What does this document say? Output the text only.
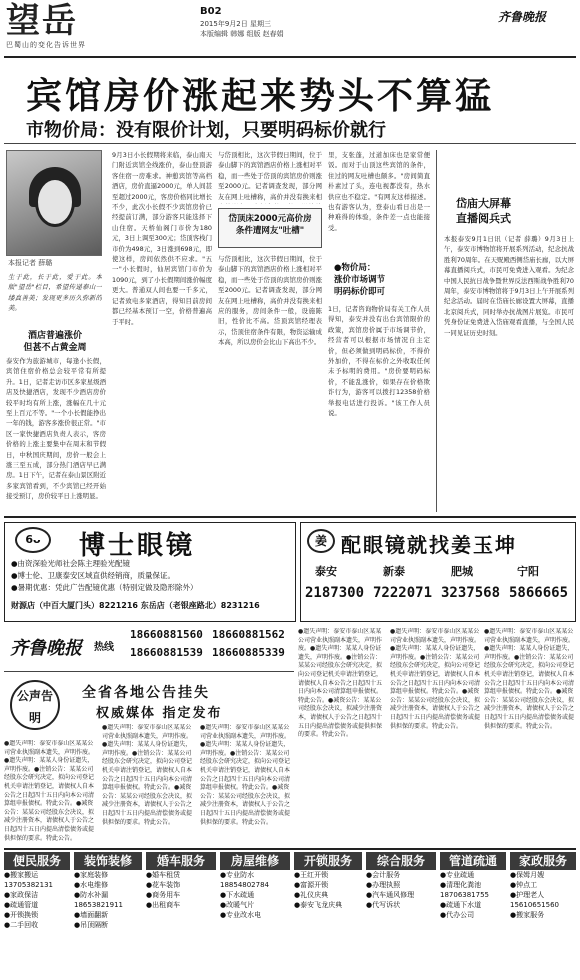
望岳
巴蜀山的变化告诉世界
B02
2015年9月2日 星期三
本版编辑 韩娜 组版 赵春娟
齐鲁晚报
宾馆房价涨起来势头不算猛
市物价局：没有限价计划，只要明码标价就行
本报记者 薛璐
生于此，长于此，爱于此。本版"望岳"栏目，希望传递泰山一缕真善美；发现更多历久弥新的美。
酒店普遍涨价
但甚不占黄金周
泰安作为旅游城市，每逢小长假，宾馆住宿价格总会较平常有所提升。1日，记者走访市区多家星级酒店及快捷酒店，发现不少酒店房价较平时均有所上涨，涨幅在几十元至上百元不等。"一个小长假能挣出一年的钱，游客多涨价很正常。"市区一家快捷酒店负责人表示，客房价格的上涨主要集中在周末和节假日，中秋国庆期间，房价一般会上涨三至五成，部分热门酒店早已满房。1日下午，记者在泰山景区附近多家宾馆看到，不少宾馆已经开始接受预订，房价较平日上涨明显。
9月3日小长假期将来临，泰山南天门附近宾馆全线涨价，泰山登顶游客住宿一房难求。神憩宾馆等高档酒店，房价直逼2000元，单人间甚至超过2000元，客房价格同比增长不少，此次小长假不少宾馆房价已经提前订满，部分游客只能选择下山住宿。天桥仙阁门市价为180元，3日上调至300元；岱顶客栈门市价为498元，3日涨到698元，即使这样，房间依然供不应求。"五一"小长假时，仙居宾馆门市价为1090元，到了小长假期间涨价幅度更大。普通双人间也要一千多元，记者致电多家酒店，得知目前房间都已经基本预订一空，价格普遍高于平时。
岱顶床2000元高价房条件遭网友"吐槽"
与岱顶相比，这次节假日期间，位于泰山脚下的宾馆酒店价格上涨相对平稳，而一些处于岱顶的宾馆房价则涨至2000元。记者调查发现，部分网友在网上吐槽称，高价并没有换来相
与岱顶相比，这次节假日期间，位于泰山脚下的宾馆酒店价格上涨相对平稳，而一些处于岱顶的宾馆房价则涨至2000元。记者调查发现，部分网友在网上吐槽称，高价并没有换来相应的服务，房间条件一般，设施陈旧，性价比不高。岱顶宾馆经理表示，岱顶住宿条件有限，物资运输成本高，所以房价会比山下高出不少。
里，支张蓬，过道加床也是家常便饭。而对于山顶这些宾馆的条件，住过的网友吐槽也颇多。"房间简直朴素过了头，连电视都没有，热水供应也不稳定。"有网友这样描述。也有游客认为，登泰山看日出是一种难得的体验，条件差一点也能接受。
●物价局：
涨价市场调节
明码标价即可
1日，记者咨询物价局有关工作人员得知，泰安并没有出台宾馆限价的政策，宾馆房价属于市场调节价，经营者可以根据市场情况自主定价，但必须做到明码标价，不得价外加价，不得在标价之外收取任何未予标明的费用。"房价要明码标价，不能乱涨价，如果存在价格欺诈行为，游客可以拨打12358价格举报电话进行投诉。"该工作人员说。
岱庙大屏幕
直播阅兵式
本报泰安9月1日讯（记者 薛璐）9月3日上午，泰安市博物馆将开展系列活动，纪念抗战胜利70周年。在天贶殿西侧岱庙长廊，以大屏幕直播阅兵式，市民可免费进入观看。为纪念中国人民抗日战争暨世界反法西斯战争胜利70周年，泰安市博物馆将于9月3日上午开展系列纪念活动。届时在岱庙长廊设置大屏幕，直播北京阅兵式，同时举办抗战图片展览。市民可凭身份证免费进入岱庙观看直播，与全国人民一同见证历史时刻。
6ᴗ	博士眼镜
●由资深验光师社会陈主理验光配镜
●博士伦、卫康泰安区域直供经销商，质量保证。
●暑期优惠：凭此广告配镜优惠（特别定做及隐形除外）
财源店（中百大厦门头）8221216 东岳店（老银座路北）8231216
姜 配眼镜就找姜玉坤
泰安	新泰	肥城	宁阳
2187300 7222071 3237568 5866665
齐鲁晚报 热线
18660881560 18660881562
18660881539 18660885339
公声告明
全省各地公告挂失
权威媒体 指定发布
●遗失声明：泰安市泰山区某某公司营业执照副本遗失，声明作废。●遗失声明：某某人身份证遗失，声明作废。●注销公告：某某公司经股东会研究决定，拟向公司登记机关申请注销登记，请债权人自本公告之日起四十五日内向本公司清算组申报债权。特此公告。●减资公告：某某公司经股东会决议，拟减少注册资本，请债权人于公告之日起四十五日内提出清偿债务或提供担保的要求。特此公告。
●遗失声明：泰安市泰山区某某公司营业执照副本遗失，声明作废。●遗失声明：某某人身份证遗失，声明作废。●注销公告：某某公司经股东会研究决定，拟向公司登记机关申请注销登记，请债权人自本公告之日起四十五日内向本公司清算组申报债权。特此公告。●减资公告：某某公司经股东会决议，拟减少注册资本，请债权人于公告之日起四十五日内提出清偿债务或提供担保的要求。特此公告。
●遗失声明：泰安市泰山区某某公司营业执照副本遗失，声明作废。●遗失声明：某某人身份证遗失，声明作废。●注销公告：某某公司经股东会研究决定，拟向公司登记机关申请注销登记，请债权人自本公告之日起四十五日内向本公司清算组申报债权。特此公告。●减资公告：某某公司经股东会决议，拟减少注册资本，请债权人于公告之日起四十五日内提出清偿债务或提供担保的要求。特此公告。
●遗失声明：泰安市泰山区某某公司营业执照副本遗失，声明作废。●遗失声明：某某人身份证遗失，声明作废。●注销公告：某某公司经股东会研究决定，拟向公司登记机关申请注销登记，请债权人自本公告之日起四十五日内向本公司清算组申报债权。特此公告。●减资公告：某某公司经股东会决议，拟减少注册资本，请债权人于公告之日起四十五日内提出清偿债务或提供担保的要求。特此公告。
●遗失声明：泰安市泰山区某某公司营业执照副本遗失，声明作废。●遗失声明：某某人身份证遗失，声明作废。●注销公告：某某公司经股东会研究决定，拟向公司登记机关申请注销登记，请债权人自本公告之日起四十五日内向本公司清算组申报债权。特此公告。●减资公告：某某公司经股东会决议，拟减少注册资本，请债权人于公告之日起四十五日内提出清偿债务或提供担保的要求。特此公告。
●遗失声明：泰安市泰山区某某公司营业执照副本遗失，声明作废。●遗失声明：某某人身份证遗失，声明作废。●注销公告：某某公司经股东会研究决定，拟向公司登记机关申请注销登记，请债权人自本公告之日起四十五日内向本公司清算组申报债权。特此公告。●减资公告：某某公司经股东会决议，拟减少注册资本，请债权人于公告之日起四十五日内提出清偿债务或提供担保的要求。特此公告。
便民服务
●搬家搬运
13705382131
●家政保洁
●疏通管道
●开锁换锁
●二手回收
装饰装修
●家庭装修
●水电维修
●防水补漏
18653821911
●墙面翻新
●吊顶隔断
婚车服务
●婚车租赁
●花车装饰
●商务用车
●出租商车
房屋维修
●专业防水
18854802784
●下水疏通
●改暖气片
●专业改水电
开锁服务
●王红开锁
●富源开锁
●礼仪庆典
●泰安飞龙庆典
综合服务
●会计服务
●办理执照
●汽车通风修理
●代写诉状
管道疏通
●专业疏通
●清理化粪池
18706381755
●疏通下水道
●代办公司
家政服务
●保姆月嫂
●钟点工
●护理老人
15610651560
●搬家服务
